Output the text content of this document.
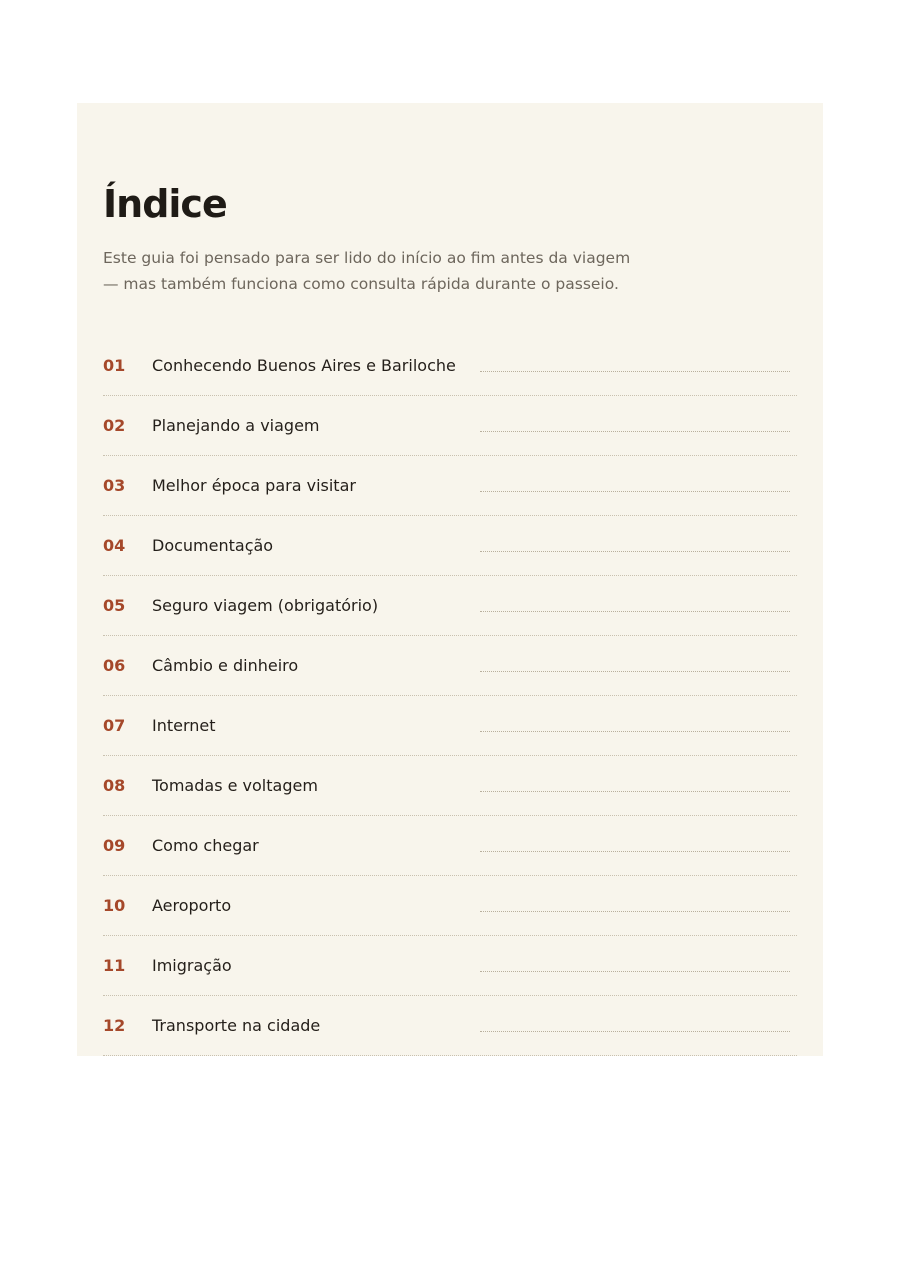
Índice

Este guia foi pensado para ser lido do início ao fim antes da viagem
— mas também funciona como consulta rápida durante o passeio.

01 Conhecendo Buenos Aires e Bariloche
02 Planejando a viagem
03 Melhor época para visitar
04 Documentação
05 Seguro viagem (obrigatório)
06 Câmbio e dinheiro
07 Internet
08 Tomadas e voltagem
09 Como chegar
10 Aeroporto
11 Imigração
12 Transporte na cidade
